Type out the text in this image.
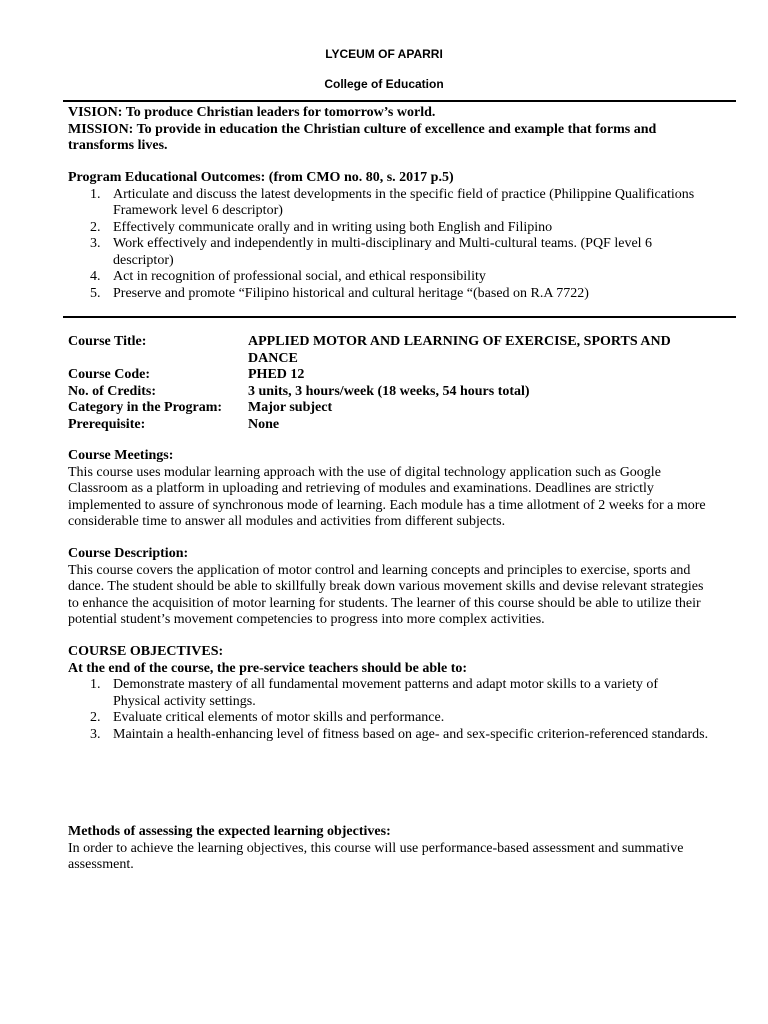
LYCEUM OF APARRI
College of Education
VISION: To produce Christian leaders for tomorrow’s world.
MISSION: To provide in education the Christian culture of excellence and example that forms and transforms lives.
Program Educational Outcomes: (from CMO no. 80, s. 2017 p.5)
1. Articulate and discuss the latest developments in the specific field of practice (Philippine Qualifications Framework level 6 descriptor)
2. Effectively communicate orally and in writing using both English and Filipino
3. Work effectively and independently in multi-disciplinary and Multi-cultural teams. (PQF level 6 descriptor)
4. Act in recognition of professional social, and ethical responsibility
5. Preserve and promote “Filipino historical and cultural heritage “(based on R.A 7722)
Course Title:	APPLIED MOTOR AND LEARNING OF EXERCISE, SPORTS AND DANCE
Course Code:	PHED 12
No. of Credits:	3 units, 3 hours/week (18 weeks, 54 hours total)
Category in the Program:	Major subject
Prerequisite:	None
Course Meetings:
This course uses modular learning approach with the use of digital technology application such as Google Classroom as a platform in uploading and retrieving of modules and examinations. Deadlines are strictly implemented to assure of synchronous mode of learning. Each module has a time allotment of 2 weeks for a more considerable time to answer all modules and activities from different subjects.
Course Description:
This course covers the application of motor control and learning concepts and principles to exercise, sports and dance. The student should be able to skillfully break down various movement skills and devise relevant strategies to enhance the acquisition of motor learning for students. The learner of this course should be able to utilize their potential student’s movement competencies to progress into more complex activities.
COURSE OBJECTIVES:
At the end of the course, the pre-service teachers should be able to:
1. Demonstrate mastery of all fundamental movement patterns and adapt motor skills to a variety of Physical activity settings.
2. Evaluate critical elements of motor skills and performance.
3. Maintain a health-enhancing level of fitness based on age- and sex-specific criterion-referenced standards.
Methods of assessing the expected learning objectives:
In order to achieve the learning objectives, this course will use performance-based assessment and summative assessment.
